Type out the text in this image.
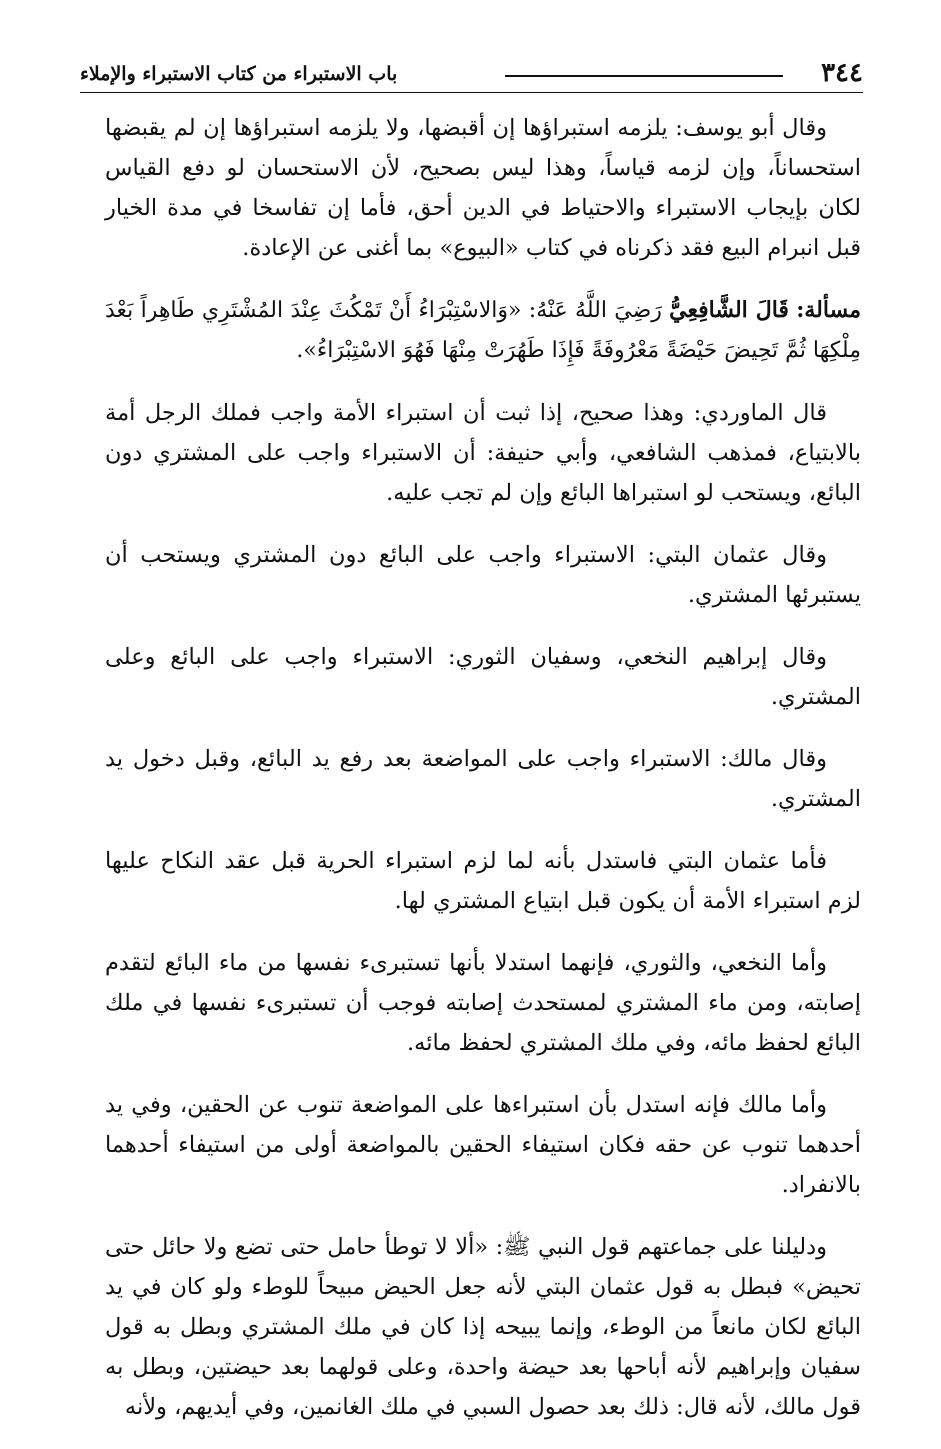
٣٤٤
باب الاستبراء من كتاب الاستبراء والإملاء

وقال أبو يوسف: يلزمه استبراؤها إن أقبضها، ولا يلزمه استبراؤها إن لم يقبضها استحساناً، وإن لزمه قياساً، وهذا ليس بصحيح، لأن الاستحسان لو دفع القياس لكان بإيجاب الاستبراء والاحتياط في الدين أحق، فأما إن تفاسخا في مدة الخيار قبل انبرام البيع فقد ذكرناه في كتاب «البيوع» بما أغنى عن الإعادة.

مسألة: قَالَ الشَّافِعِيُّ رَضِيَ اللَّهُ عَنْهُ: «وَالاسْتِبْرَاءُ أَنْ تَمْكُثَ عِنْدَ المُشْتَرِي طَاهِراً بَعْدَ مِلْكِهَا ثُمَّ تَحِيضَ حَيْضَةً مَعْرُوفَةً فَإِذَا طَهُرَتْ مِنْهَا فَهُوَ الاسْتِبْرَاءُ».

قال الماوردي: وهذا صحيح، إذا ثبت أن استبراء الأمة واجب فملك الرجل أمة بالابتياع، فمذهب الشافعي، وأبي حنيفة: أن الاستبراء واجب على المشتري دون البائع، ويستحب لو استبراها البائع وإن لم تجب عليه.

وقال عثمان البتي: الاستبراء واجب على البائع دون المشتري ويستحب أن يستبرئها المشتري.

وقال إبراهيم النخعي، وسفيان الثوري: الاستبراء واجب على البائع وعلى المشتري.

وقال مالك: الاستبراء واجب على المواضعة بعد رفع يد البائع، وقبل دخول يد المشتري.

فأما عثمان البتي فاستدل بأنه لما لزم استبراء الحرية قبل عقد النكاح عليها لزم استبراء الأمة أن يكون قبل ابتياع المشتري لها.

وأما النخعي، والثوري، فإنهما استدلا بأنها تستبرىء نفسها من ماء البائع لتقدم إصابته، ومن ماء المشتري لمستحدث إصابته فوجب أن تستبرىء نفسها في ملك البائع لحفظ مائه، وفي ملك المشتري لحفظ مائه.

وأما مالك فإنه استدل بأن استبراءها على المواضعة تنوب عن الحقين، وفي يد أحدهما تنوب عن حقه فكان استيفاء الحقين بالمواضعة أولى من استيفاء أحدهما بالانفراد.

ودليلنا على جماعتهم قول النبي ﷺ: «ألا لا توطأ حامل حتى تضع ولا حائل حتى تحيض» فبطل به قول عثمان البتي لأنه جعل الحيض مبيحاً للوطء ولو كان في يد البائع لكان مانعاً من الوطء، وإنما يبيحه إذا كان في ملك المشتري وبطل به قول سفيان وإبراهيم لأنه أباحها بعد حيضة واحدة، وعلى قولهما بعد حيضتين، وبطل به قول مالك، لأنه قال: ذلك بعد حصول السبي في ملك الغانمين، وفي أيديهم، ولأنه
